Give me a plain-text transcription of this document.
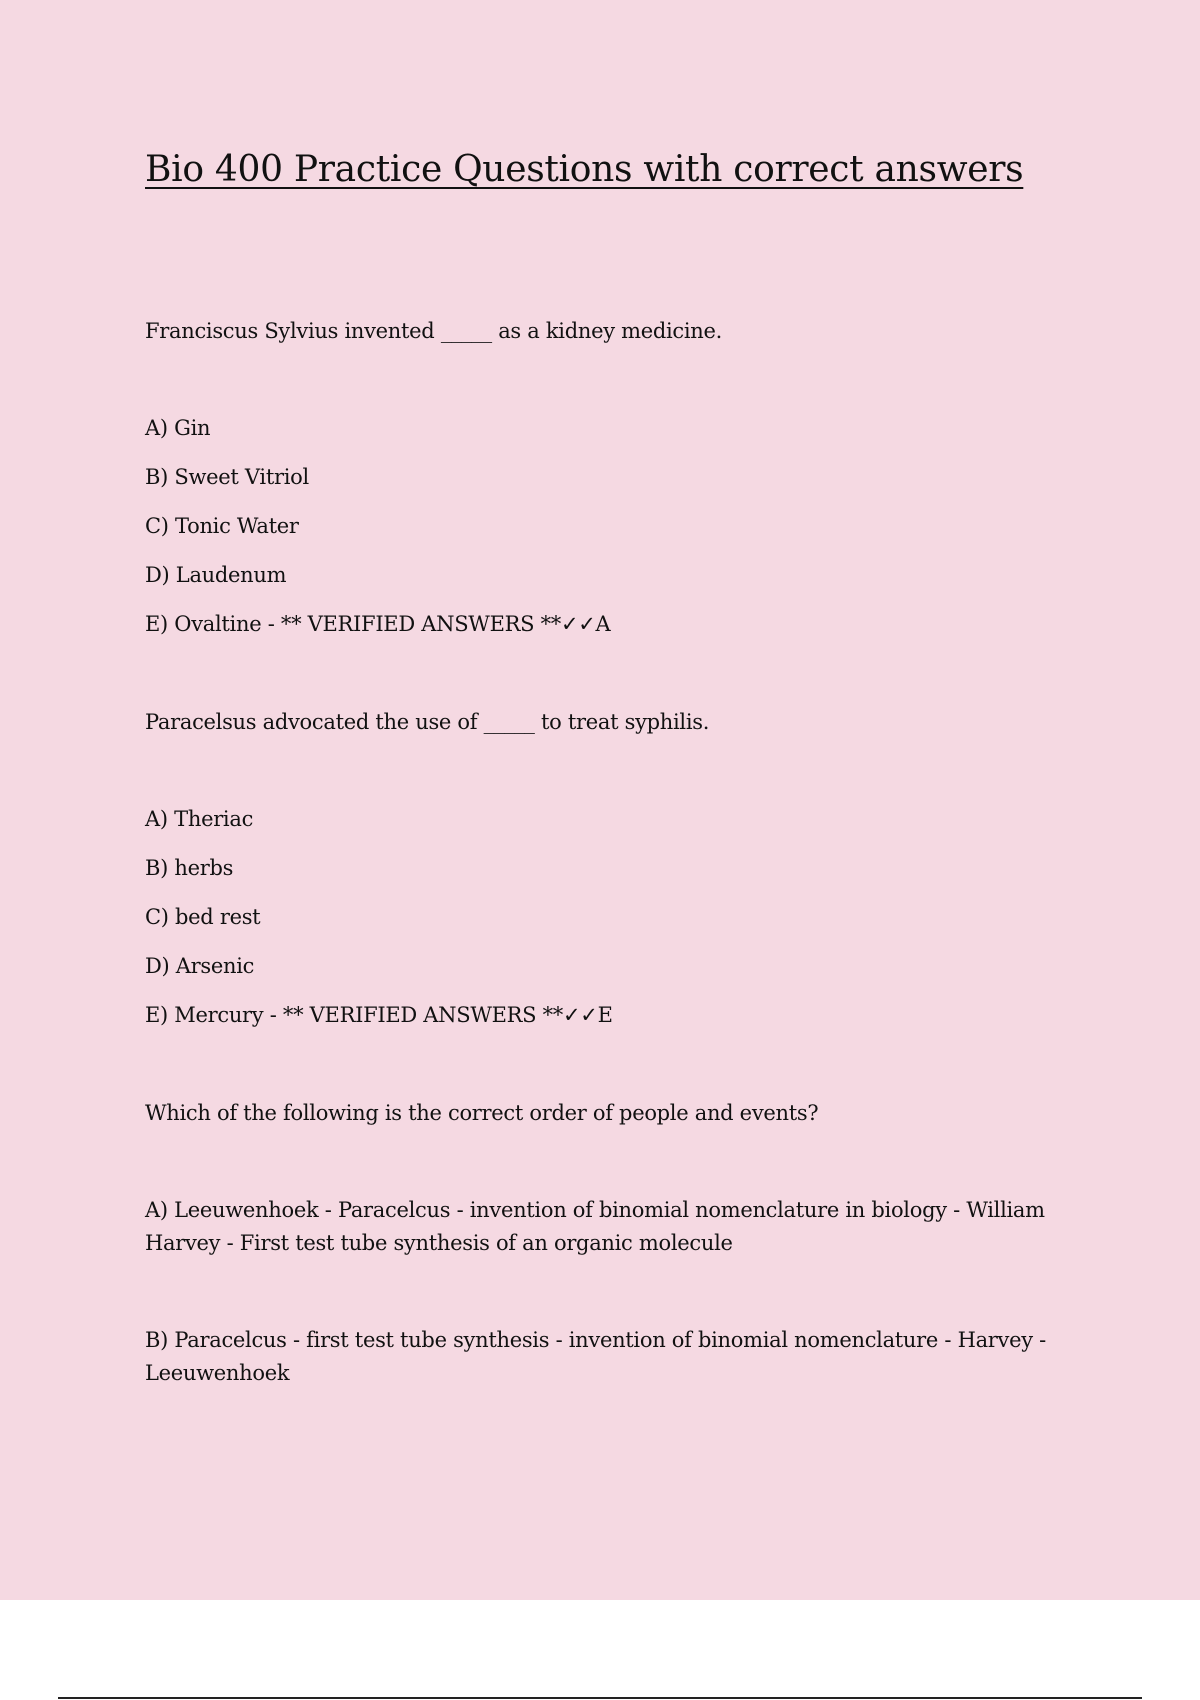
Bio 400 Practice Questions with correct answers

Franciscus Sylvius invented _____ as a kidney medicine.

A) Gin
B) Sweet Vitriol
C) Tonic Water
D) Laudenum
E) Ovaltine - ** VERIFIED ANSWERS **✓✓A

Paracelsus advocated the use of _____ to treat syphilis.

A) Theriac
B) herbs
C) bed rest
D) Arsenic
E) Mercury - ** VERIFIED ANSWERS **✓✓E

Which of the following is the correct order of people and events?

A) Leeuwenhoek - Paracelcus - invention of binomial nomenclature in biology - William Harvey - First test tube synthesis of an organic molecule

B) Paracelcus - first test tube synthesis - invention of binomial nomenclature - Harvey - Leeuwenhoek
